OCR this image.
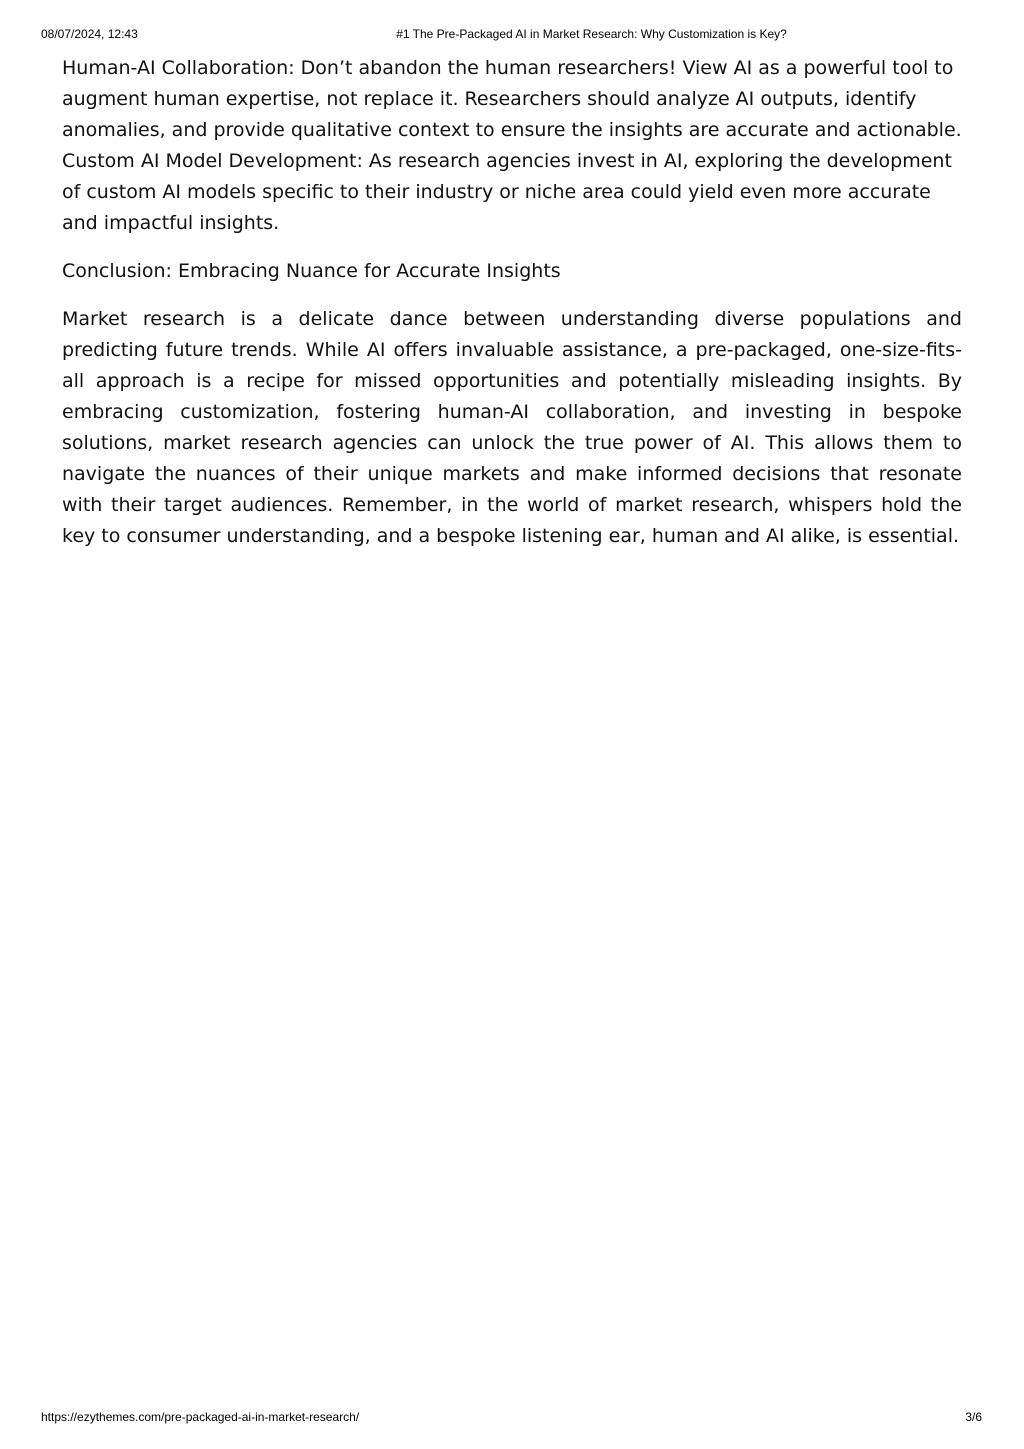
08/07/2024, 12:43	#1 The Pre-Packaged AI in Market Research: Why Customization is Key?

Human-AI Collaboration: Don’t abandon the human researchers! View AI as a powerful tool to augment human expertise, not replace it. Researchers should analyze AI outputs, identify anomalies, and provide qualitative context to ensure the insights are accurate and actionable.

Custom AI Model Development: As research agencies invest in AI, exploring the development of custom AI models specific to their industry or niche area could yield even more accurate and impactful insights.

Conclusion: Embracing Nuance for Accurate Insights

Market research is a delicate dance between understanding diverse populations and predicting future trends. While AI offers invaluable assistance, a pre-packaged, one-size-fits-all approach is a recipe for missed opportunities and potentially misleading insights. By embracing customization, fostering human-AI collaboration, and investing in bespoke solutions, market research agencies can unlock the true power of AI. This allows them to navigate the nuances of their unique markets and make informed decisions that resonate with their target audiences. Remember, in the world of market research, whispers hold the key to consumer understanding, and a bespoke listening ear, human and AI alike, is essential.

https://ezythemes.com/pre-packaged-ai-in-market-research/	3/6
